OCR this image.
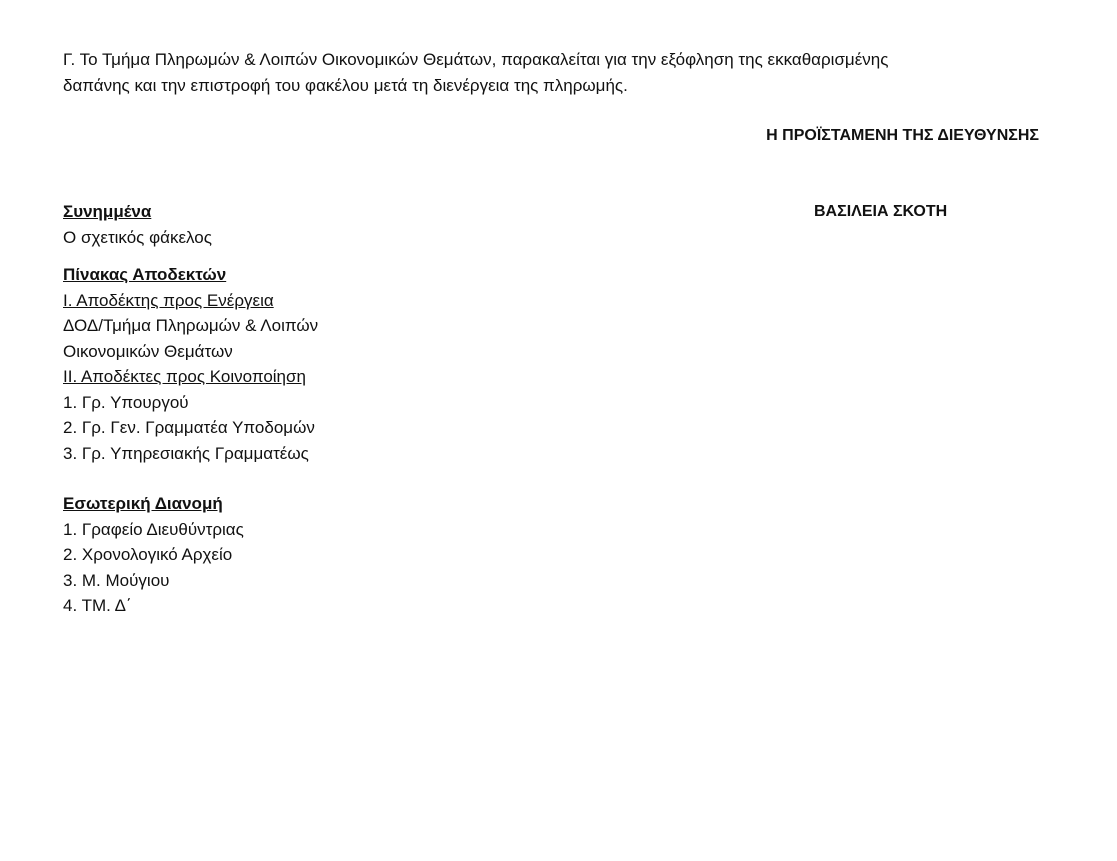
Γ. Το Τμήμα Πληρωμών & Λοιπών Οικονομικών Θεμάτων, παρακαλείται για την εξόφληση της εκκαθαρισμένης
δαπάνης και την επιστροφή του φακέλου μετά τη διενέργεια της πληρωμής.
Η ΠΡΟΪΣΤΑΜΕΝΗ ΤΗΣ ΔΙΕΥΘΥΝΣΗΣ
ΒΑΣΙΛΕΙΑ ΣΚΟΤΗ
Συνημμένα
Ο σχετικός φάκελος
Πίνακας Αποδεκτών
Ι. Αποδέκτης προς Ενέργεια
ΔΟΔ/Τμήμα Πληρωμών & Λοιπών
Οικονομικών Θεμάτων
ΙΙ. Αποδέκτες προς Κοινοποίηση
1. Γρ. Υπουργού
2. Γρ. Γεν. Γραμματέα Υποδομών
3. Γρ. Υπηρεσιακής Γραμματέως
Εσωτερική Διανομή
1. Γραφείο Διευθύντριας
2. Χρονολογικό Αρχείο
3. Μ. Μούγιου
4. ΤΜ. Δ΄
